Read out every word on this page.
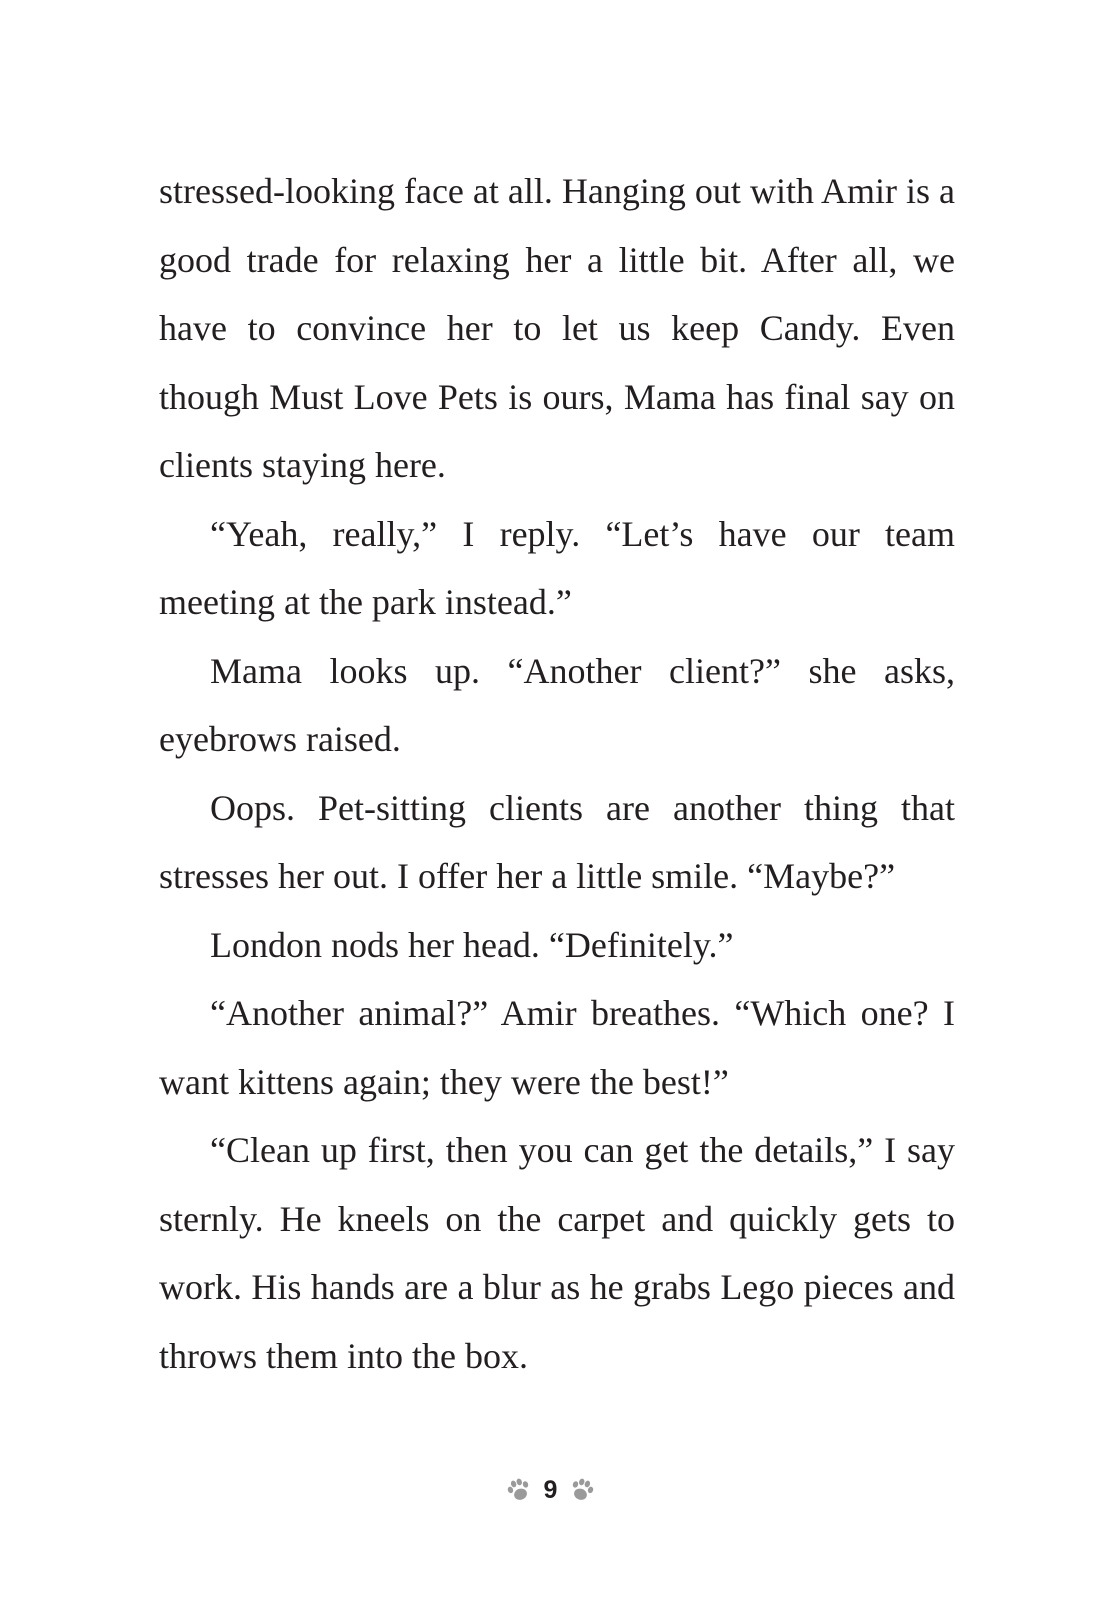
stressed-looking face at all. Hanging out with Amir is a good trade for relaxing her a little bit. After all, we have to convince her to let us keep Candy. Even though Must Love Pets is ours, Mama has final say on clients staying here.

“Yeah, really,” I reply. “Let’s have our team meeting at the park instead.”

Mama looks up. “Another client?” she asks, eyebrows raised.

Oops. Pet-sitting clients are another thing that stresses her out. I offer her a little smile. “Maybe?”

London nods her head. “Definitely.”

“Another animal?” Amir breathes. “Which one? I want kittens again; they were the best!”

“Clean up first, then you can get the details,” I say sternly. He kneels on the carpet and quickly gets to work. His hands are a blur as he grabs Lego pieces and throws them into the box.

9
